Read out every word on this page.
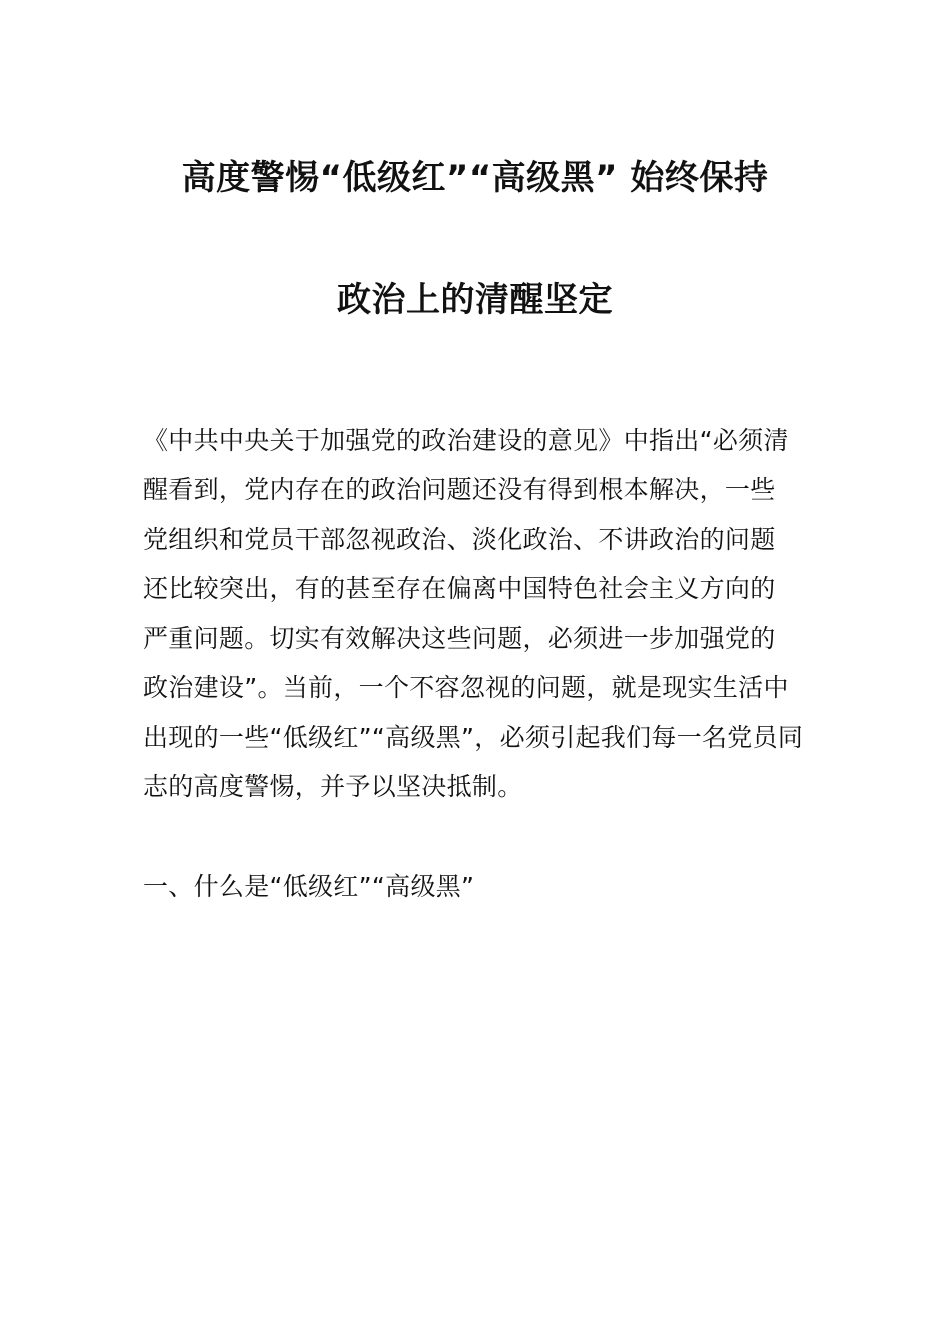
高度警惕“低级红”“高级黑” 始终保持
政治上的清醒坚定
《中共中央关于加强党的政治建设的意见》中指出“必须清
醒看到，党内存在的政治问题还没有得到根本解决，一些
党组织和党员干部忽视政治、淡化政治、不讲政治的问题
还比较突出，有的甚至存在偏离中国特色社会主义方向的
严重问题。切实有效解决这些问题，必须进一步加强党的
政治建设”。当前，一个不容忽视的问题，就是现实生活中
出现的一些“低级红”“高级黑”，必须引起我们每一名党员同
志的高度警惕，并予以坚决抵制。
一、什么是“低级红”“高级黑”
